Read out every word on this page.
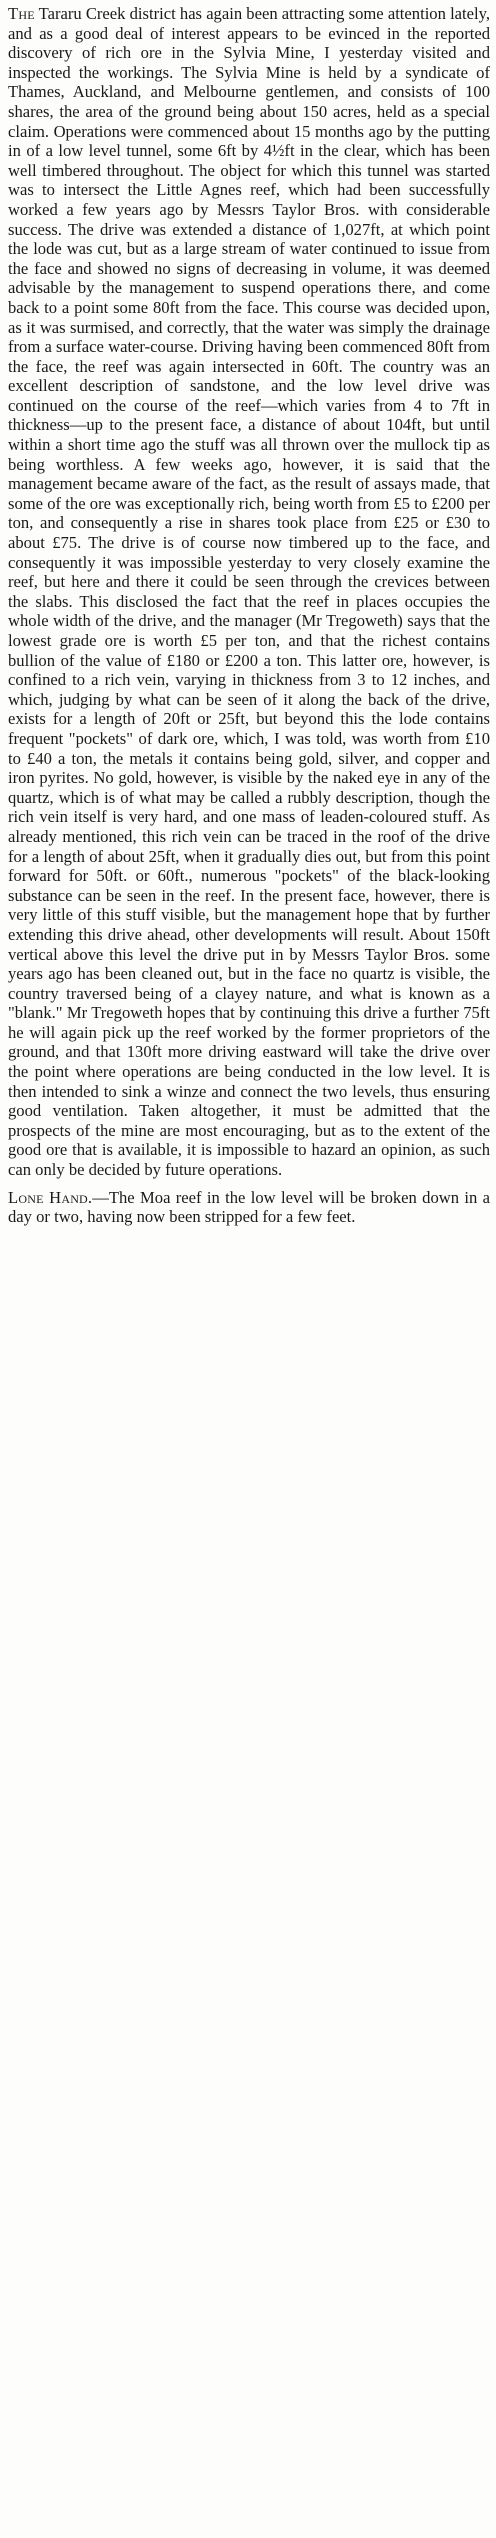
The Tararu Creek district has again been attracting some attention lately, and as a good deal of interest appears to be evinced in the reported discovery of rich ore in the Sylvia Mine, I yesterday visited and inspected the workings. The Sylvia Mine is held by a syndicate of Thames, Auckland, and Melbourne gentlemen, and consists of 100 shares, the area of the ground being about 150 acres, held as a special claim. Operations were commenced about 15 months ago by the putting in of a low level tunnel, some 6ft by 4½ft in the clear, which has been well timbered throughout. The object for which this tunnel was started was to intersect the Little Agnes reef, which had been successfully worked a few years ago by Messrs Taylor Bros. with considerable success. The drive was extended a distance of 1,027ft, at which point the lode was cut, but as a large stream of water continued to issue from the face and showed no signs of decreasing in volume, it was deemed advisable by the management to suspend operations there, and come back to a point some 80ft from the face. This course was decided upon, as it was surmised, and correctly, that the water was simply the drainage from a surface water-course. Driving having been commenced 80ft from the face, the reef was again intersected in 60ft. The country was an excellent description of sandstone, and the low level drive was continued on the course of the reef—which varies from 4 to 7ft in thickness—up to the present face, a distance of about 104ft, but until within a short time ago the stuff was all thrown over the mullock tip as being worthless. A few weeks ago, however, it is said that the management became aware of the fact, as the result of assays made, that some of the ore was exceptionally rich, being worth from £5 to £200 per ton, and consequently a rise in shares took place from £25 or £30 to about £75. The drive is of course now timbered up to the face, and consequently it was impossible yesterday to very closely examine the reef, but here and there it could be seen through the crevices between the slabs. This disclosed the fact that the reef in places occupies the whole width of the drive, and the manager (Mr Tregoweth) says that the lowest grade ore is worth £5 per ton, and that the richest contains bullion of the value of £180 or £200 a ton. This latter ore, however, is confined to a rich vein, varying in thickness from 3 to 12 inches, and which, judging by what can be seen of it along the back of the drive, exists for a length of 20ft or 25ft, but beyond this the lode contains frequent "pockets" of dark ore, which, I was told, was worth from £10 to £40 a ton, the metals it contains being gold, silver, and copper and iron pyrites. No gold, however, is visible by the naked eye in any of the quartz, which is of what may be called a rubbly description, though the rich vein itself is very hard, and one mass of leaden-coloured stuff. As already mentioned, this rich vein can be traced in the roof of the drive for a length of about 25ft, when it gradually dies out, but from this point forward for 50ft. or 60ft., numerous "pockets" of the black-looking substance can be seen in the reef. In the present face, however, there is very little of this stuff visible, but the management hope that by further extending this drive ahead, other developments will result. About 150ft vertical above this level the drive put in by Messrs Taylor Bros. some years ago has been cleaned out, but in the face no quartz is visible, the country traversed being of a clayey nature, and what is known as a "blank." Mr Tregoweth hopes that by continuing this drive a further 75ft he will again pick up the reef worked by the former proprietors of the ground, and that 130ft more driving eastward will take the drive over the point where operations are being conducted in the low level. It is then intended to sink a winze and connect the two levels, thus ensuring good ventilation. Taken altogether, it must be admitted that the prospects of the mine are most encouraging, but as to the extent of the good ore that is available, it is impossible to hazard an opinion, as such can only be decided by future operations.

Lone Hand.—The Moa reef in the low level will be broken down in a day or two, having now been stripped for a few feet.
